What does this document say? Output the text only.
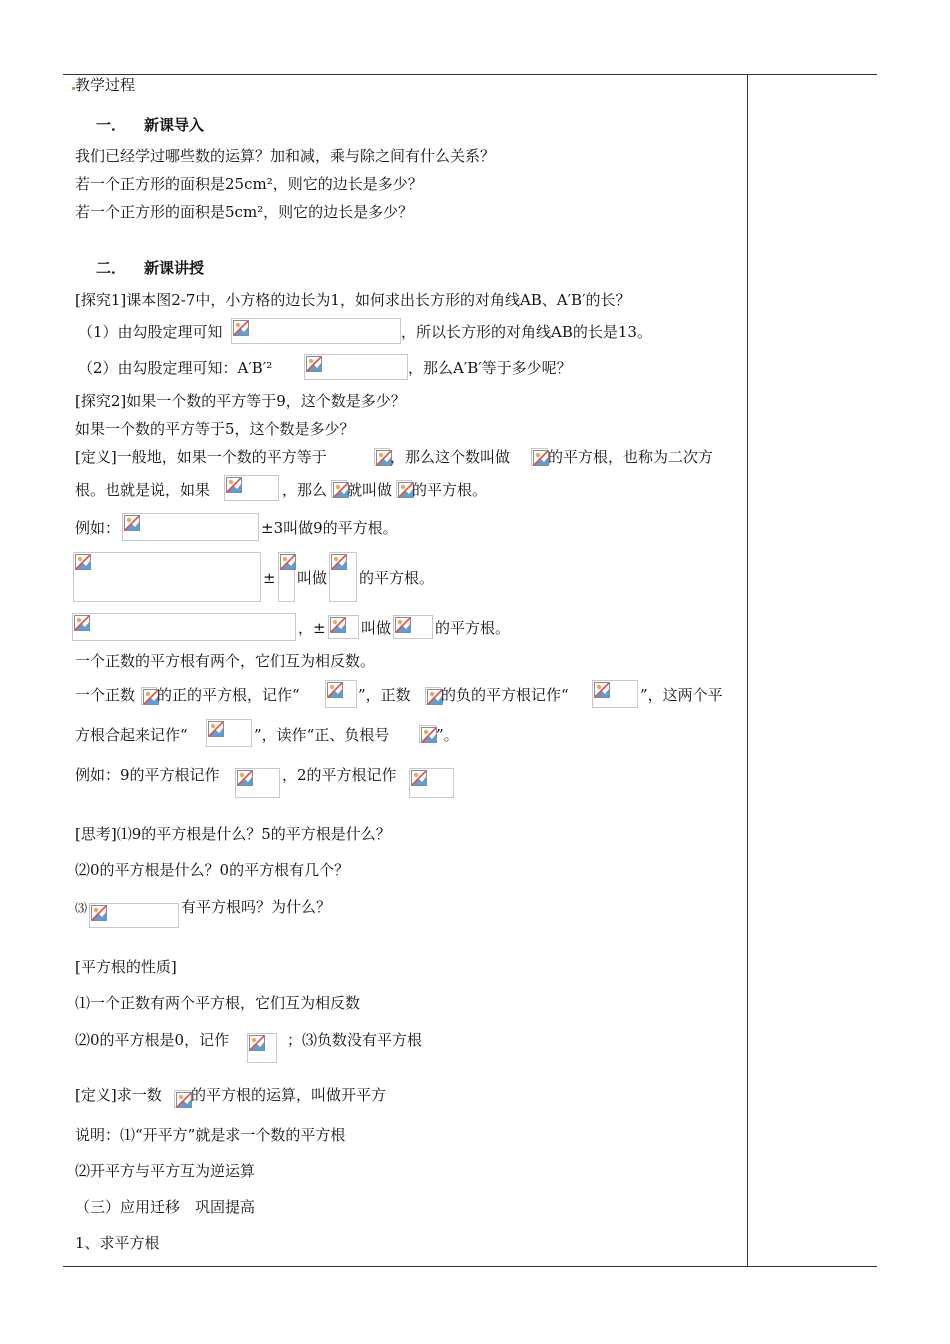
教学过程
一． 新课导入
我们已经学过哪些数的运算？加和减，乘与除之间有什么关系？
若一个正方形的面积是25cm²，则它的边长是多少？
若一个正方形的面积是5cm²，则它的边长是多少？
二． 新课讲授
[探究1]课本图2-7中，小方格的边长为1，如何求出长方形的对角线AB、A′B′的长？
（1）由勾股定理可知	，所以长方形的对角线AB的长是13。
（2）由勾股定理可知：A′B′²	，那么A′B′等于多少呢？
[探究2]如果一个数的平方等于9，这个数是多少？
如果一个数的平方等于5，这个数是多少？
[定义]一般地，如果一个数的平方等于	，那么这个数叫做	的平方根，也称为二次方
根。也就是说，如果	，那么 就叫做 的平方根。
例如：	±3叫做9的平方根。
± 叫做 的平方根。
，± 叫做	的平方根。
一个正数的平方根有两个，它们互为相反数。
一个正数 的正的平方根，记作“	”，正数 的负的平方根记作“	”，这两个平
方根合起来记作“	”，读作“正、负根号	”。
例如：9的平方根记作	，2的平方根记作
[思考]⑴9的平方根是什么？5的平方根是什么？
⑵0的平方根是什么？0的平方根有几个？
⑶	有平方根吗？为什么？
[平方根的性质]
⑴一个正数有两个平方根，它们互为相反数
⑵0的平方根是0，记作	； ⑶负数没有平方根
[定义]求一数 的平方根的运算，叫做开平方
说明：⑴“开平方”就是求一个数的平方根
⑵开平方与平方互为逆运算
（三）应用迁移　巩固提高
1、求平方根
